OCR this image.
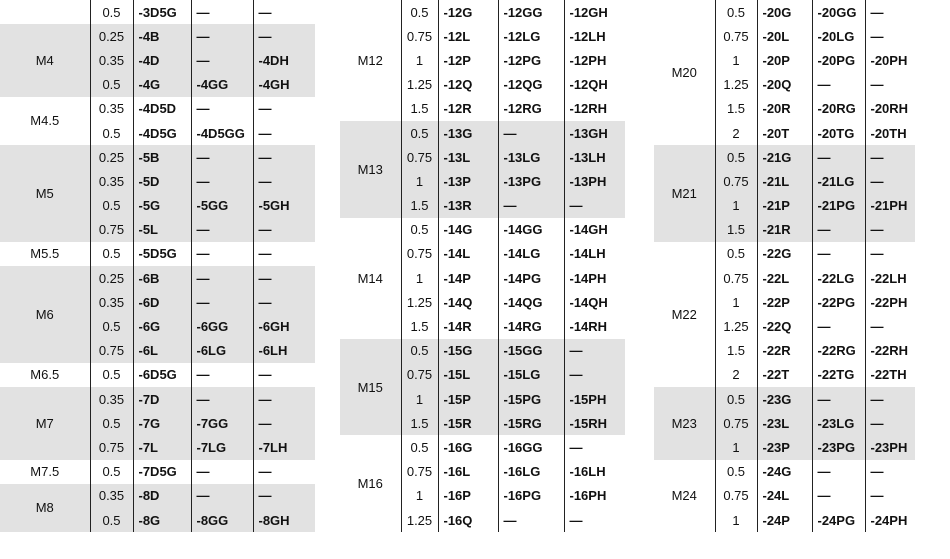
	0.5	-3D5G	—	—
M4	0.25	-4B	—	—
	0.35	-4D	—	-4DH
	0.5	-4G	-4GG	-4GH
M4.5	0.35	-4D5D	—	—
	0.5	-4D5G	-4D5GG	—
M5	0.25	-5B	—	—
	0.35	-5D	—	—
	0.5	-5G	-5GG	-5GH
	0.75	-5L	—	—
M5.5	0.5	-5D5G	—	—
M6	0.25	-6B	—	—
	0.35	-6D	—	—
	0.5	-6G	-6GG	-6GH
	0.75	-6L	-6LG	-6LH
M6.5	0.5	-6D5G	—	—
M7	0.35	-7D	—	—
	0.5	-7G	-7GG	—
	0.75	-7L	-7LG	-7LH
M7.5	0.5	-7D5G	—	—
M8	0.35	-8D	—	—
	0.5	-8G	-8GG	-8GH
M12	0.5	-12G	-12GG	-12GH
	0.75	-12L	-12LG	-12LH
	1	-12P	-12PG	-12PH
	1.25	-12Q	-12QG	-12QH
	1.5	-12R	-12RG	-12RH
M13	0.5	-13G	—	-13GH
	0.75	-13L	-13LG	-13LH
	1	-13P	-13PG	-13PH
	1.5	-13R	—	—
M14	0.5	-14G	-14GG	-14GH
	0.75	-14L	-14LG	-14LH
	1	-14P	-14PG	-14PH
	1.25	-14Q	-14QG	-14QH
	1.5	-14R	-14RG	-14RH
M15	0.5	-15G	-15GG	—
	0.75	-15L	-15LG	—
	1	-15P	-15PG	-15PH
	1.5	-15R	-15RG	-15RH
M16	0.5	-16G	-16GG	—
	0.75	-16L	-16LG	-16LH
	1	-16P	-16PG	-16PH
	1.25	-16Q	—	—
M20	0.5	-20G	-20GG	—
	0.75	-20L	-20LG	—
	1	-20P	-20PG	-20PH
	1.25	-20Q	—	—
	1.5	-20R	-20RG	-20RH
	2	-20T	-20TG	-20TH
M21	0.5	-21G	—	—
	0.75	-21L	-21LG	—
	1	-21P	-21PG	-21PH
	1.5	-21R	—	—
M22	0.5	-22G	—	—
	0.75	-22L	-22LG	-22LH
	1	-22P	-22PG	-22PH
	1.25	-22Q	—	—
	1.5	-22R	-22RG	-22RH
	2	-22T	-22TG	-22TH
M23	0.5	-23G	—	—
	0.75	-23L	-23LG	—
	1	-23P	-23PG	-23PH
M24	0.5	-24G	—	—
	0.75	-24L	—	—
	1	-24P	-24PG	-24PH
